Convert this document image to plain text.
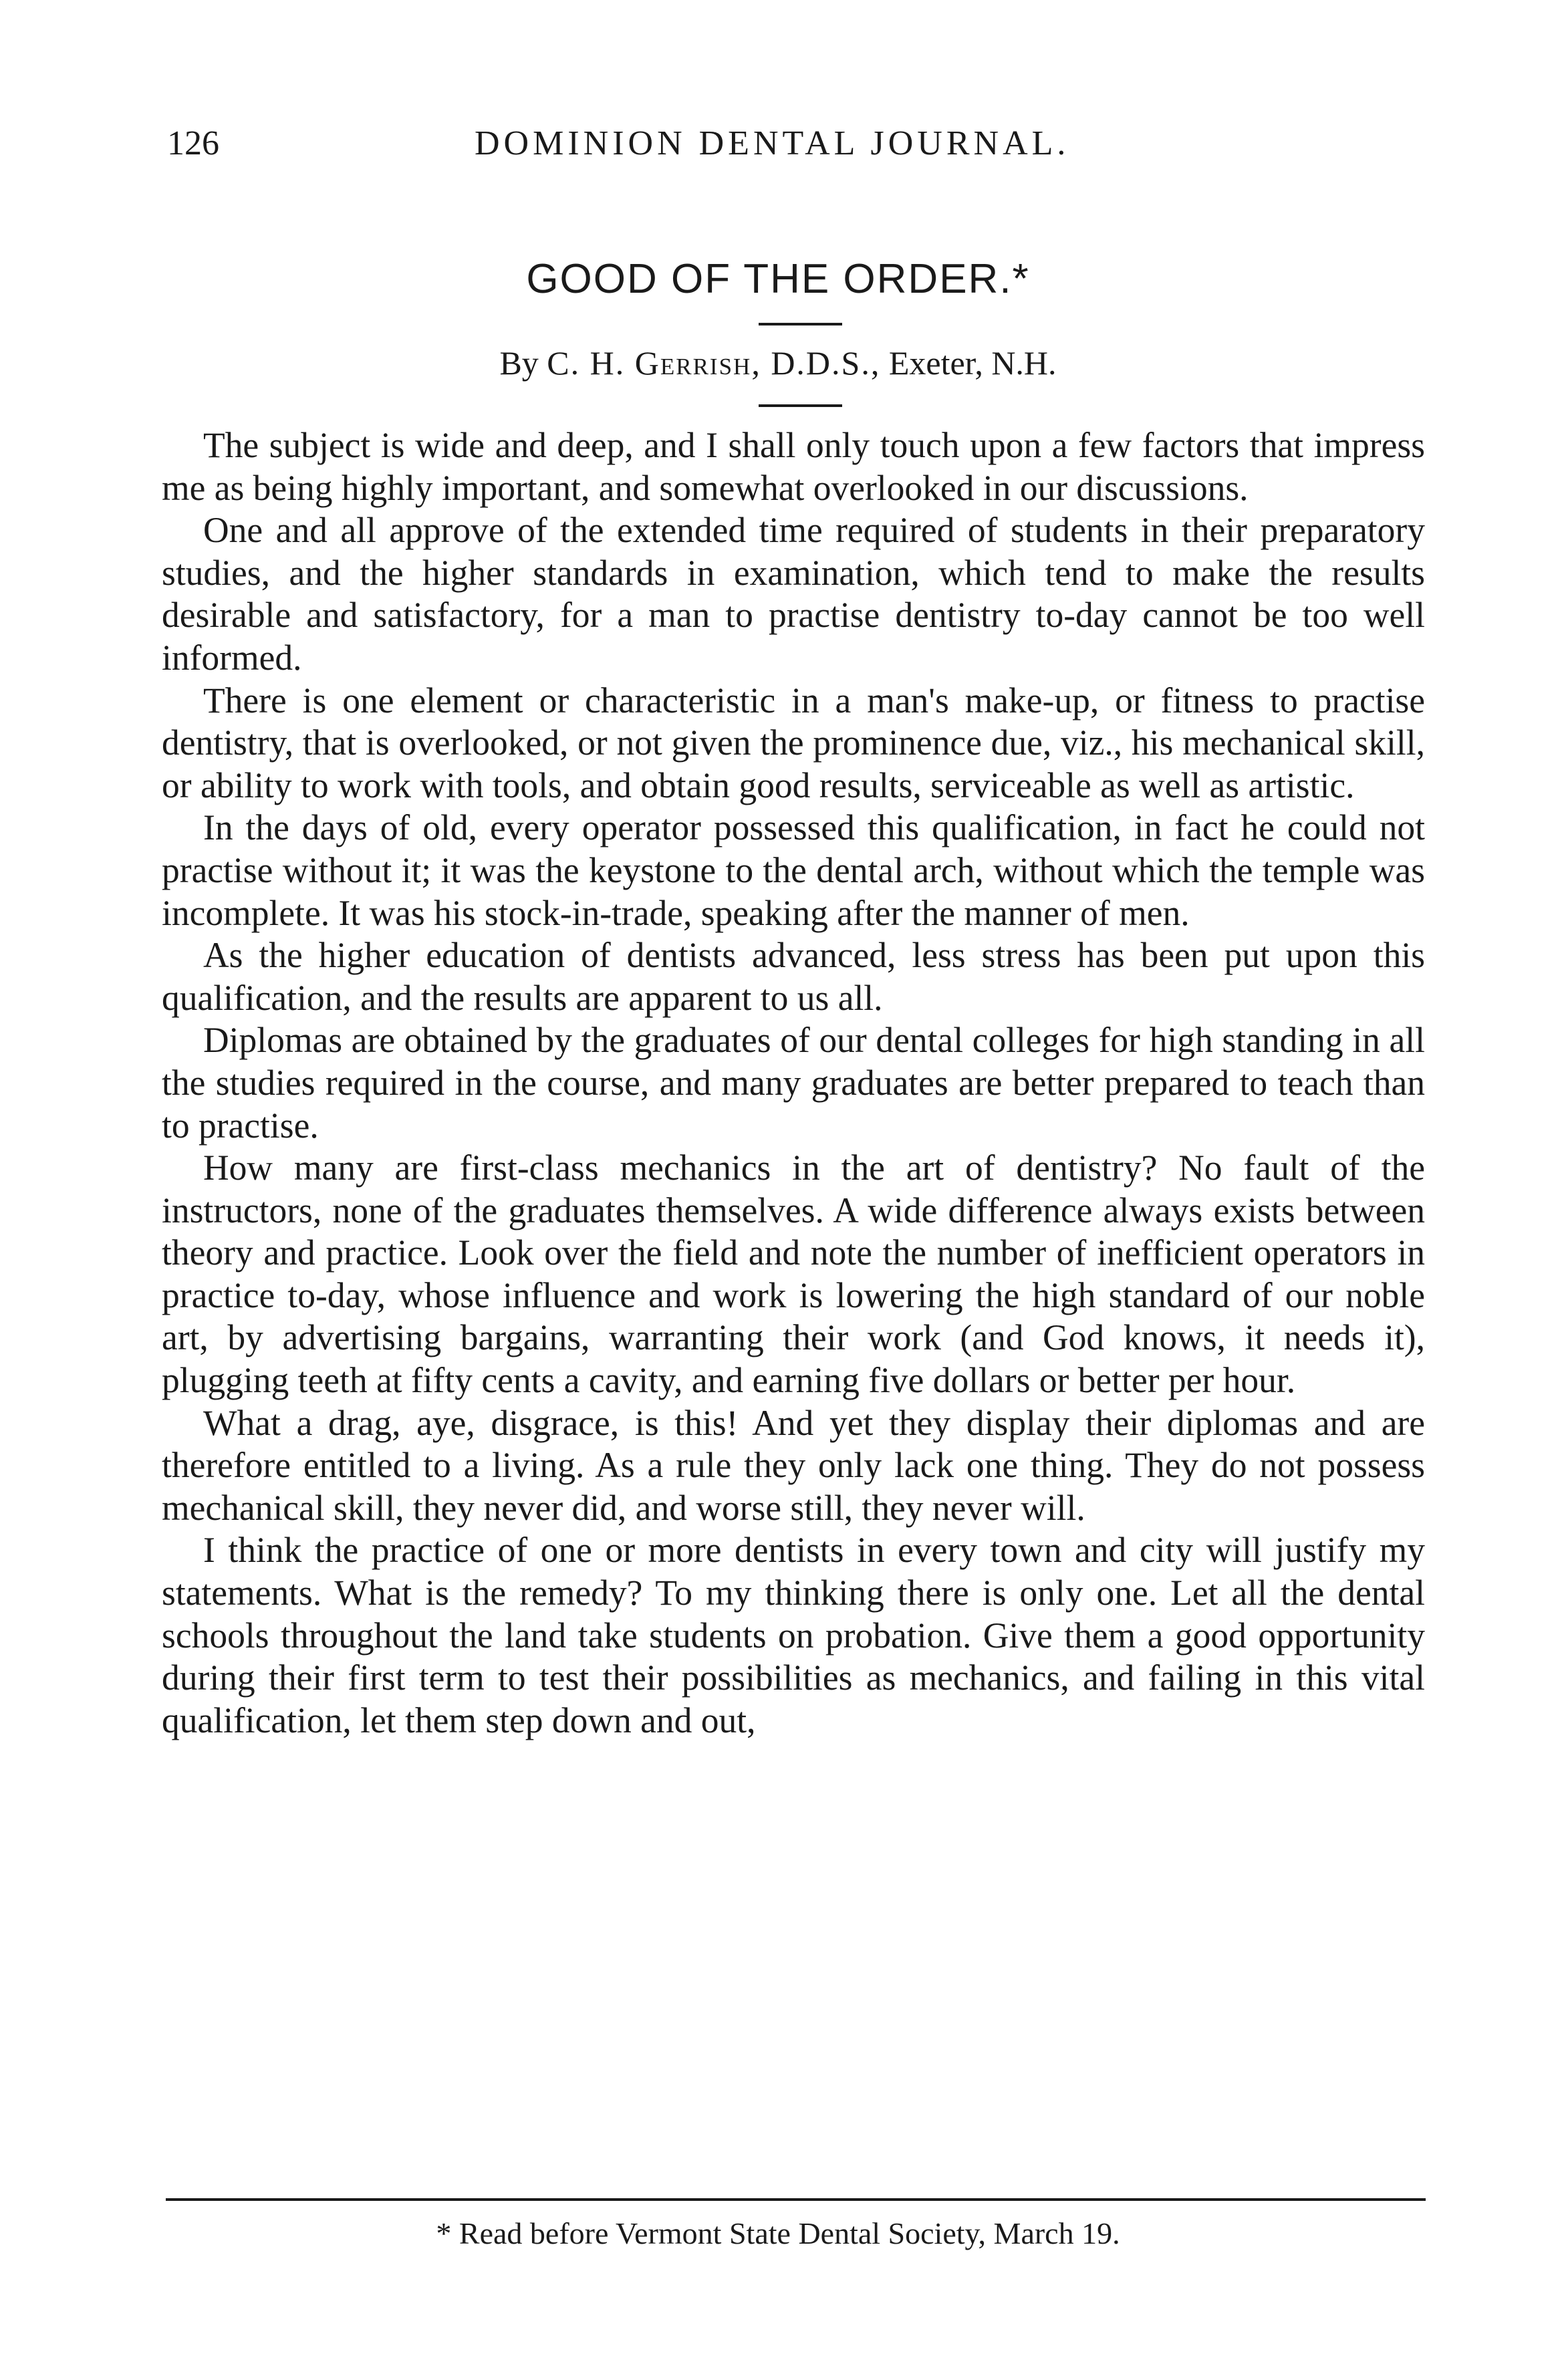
126	DOMINION DENTAL JOURNAL.
GOOD OF THE ORDER.*
By C. H. Gerrish, D.D.S., Exeter, N.H.

The subject is wide and deep, and I shall only touch upon a few factors that impress me as being highly important, and somewhat overlooked in our discussions.

One and all approve of the extended time required of students in their preparatory studies, and the higher standards in examination, which tend to make the results desirable and satisfactory, for a man to practise dentistry to-day cannot be too well informed.

There is one element or characteristic in a man's make-up, or fitness to practise dentistry, that is overlooked, or not given the prominence due, viz., his mechanical skill, or ability to work with tools, and obtain good results, serviceable as well as artistic.

In the days of old, every operator possessed this qualification, in fact he could not practise without it; it was the keystone to the dental arch, without which the temple was incomplete. It was his stock-in-trade, speaking after the manner of men.

As the higher education of dentists advanced, less stress has been put upon this qualification, and the results are apparent to us all.

Diplomas are obtained by the graduates of our dental colleges for high standing in all the studies required in the course, and many graduates are better prepared to teach than to practise.

How many are first-class mechanics in the art of dentistry? No fault of the instructors, none of the graduates themselves. A wide difference always exists between theory and practice. Look over the field and note the number of inefficient operators in practice to-day, whose influence and work is lowering the high standard of our noble art, by advertising bargains, warranting their work (and God knows, it needs it), plugging teeth at fifty cents a cavity, and earning five dollars or better per hour.

What a drag, aye, disgrace, is this! And yet they display their diplomas and are therefore entitled to a living. As a rule they only lack one thing. They do not possess mechanical skill, they never did, and worse still, they never will.

I think the practice of one or more dentists in every town and city will justify my statements. What is the remedy? To my thinking there is only one. Let all the dental schools throughout the land take students on probation. Give them a good opportunity during their first term to test their possibilities as mechanics, and failing in this vital qualification, let them step down and out,

* Read before Vermont State Dental Society, March 19.
